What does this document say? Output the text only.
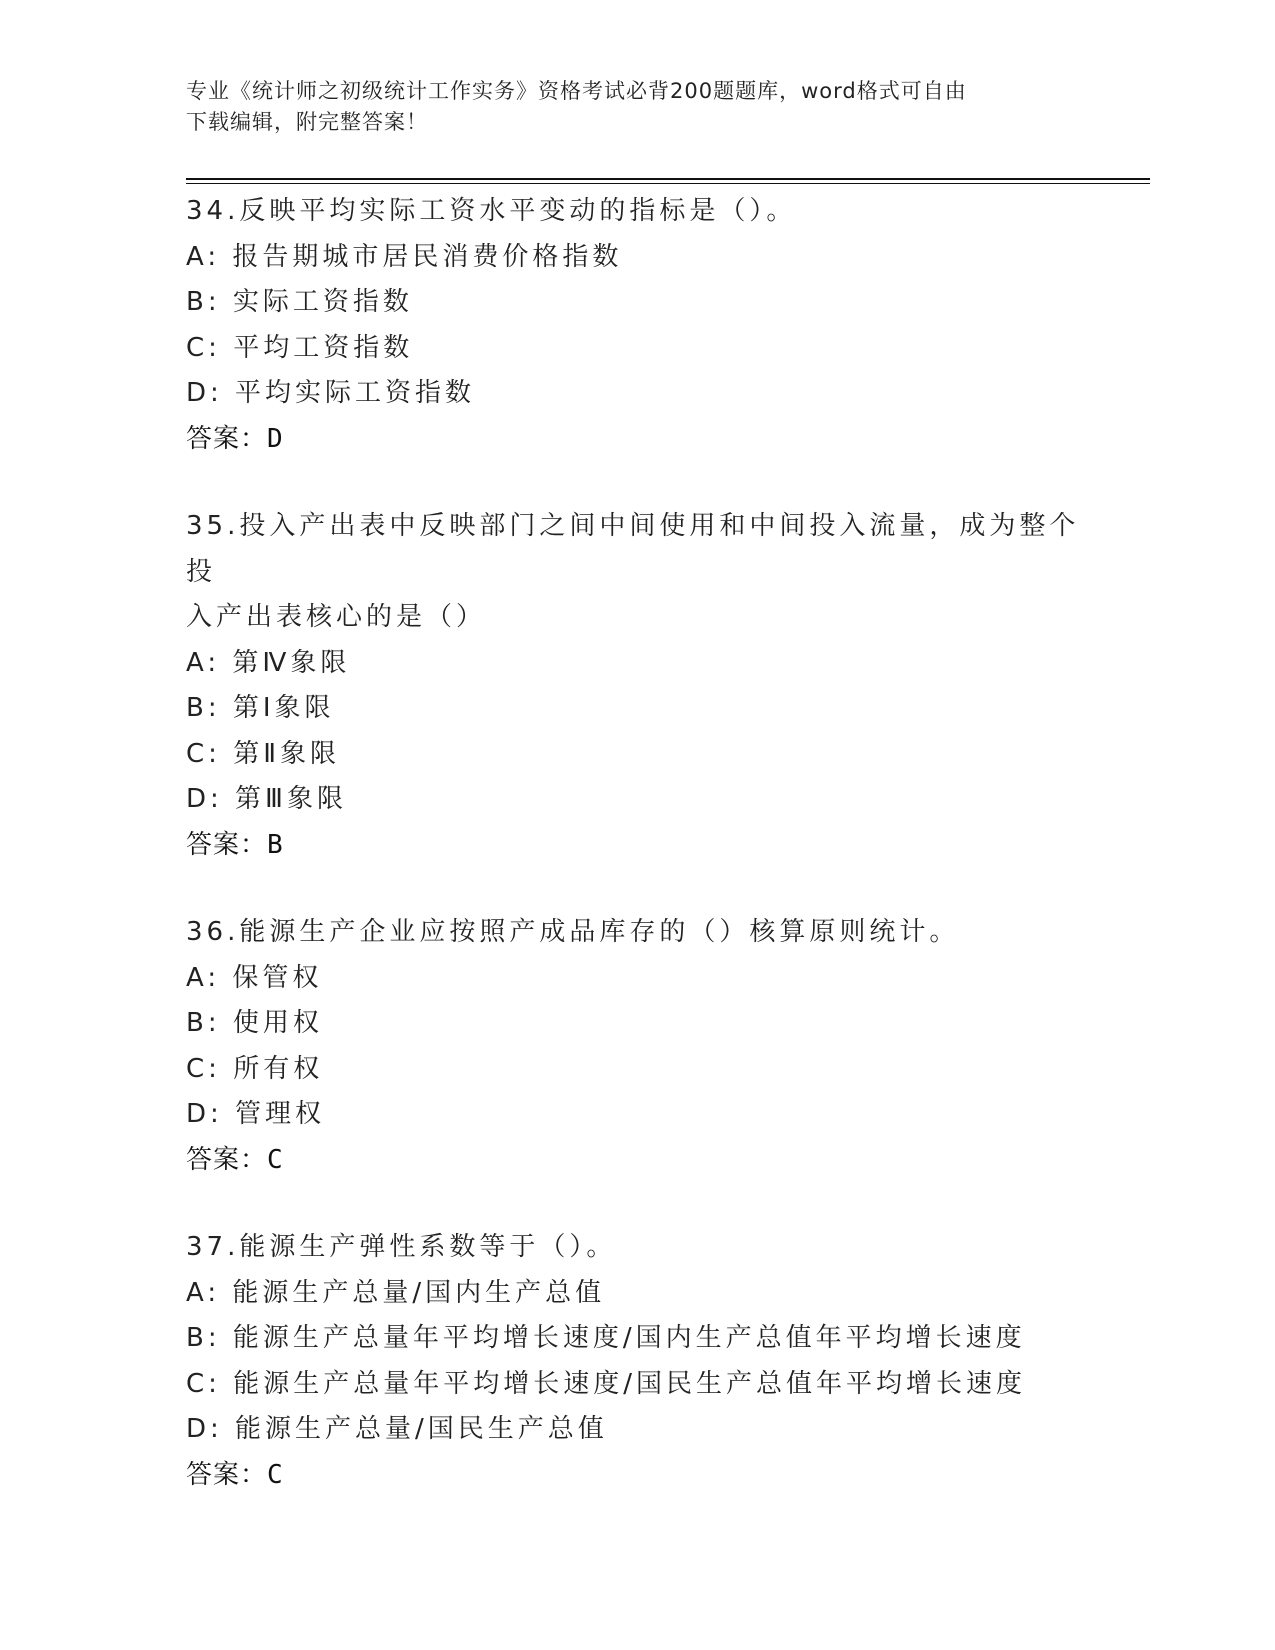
专业《统计师之初级统计工作实务》资格考试必背200题题库，word格式可自由
下载编辑，附完整答案！
34.反映平均实际工资水平变动的指标是（）。
A: 报告期城市居民消费价格指数
B: 实际工资指数
C: 平均工资指数
D: 平均实际工资指数
答案：D
35.投入产出表中反映部门之间中间使用和中间投入流量，成为整个投
入产出表核心的是（）
A: 第Ⅳ象限
B: 第Ⅰ象限
C: 第Ⅱ象限
D: 第Ⅲ象限
答案：B
36.能源生产企业应按照产成品库存的（）核算原则统计。
A: 保管权
B: 使用权
C: 所有权
D: 管理权
答案：C
37.能源生产弹性系数等于（）。
A: 能源生产总量/国内生产总值
B: 能源生产总量年平均增长速度/国内生产总值年平均增长速度
C: 能源生产总量年平均增长速度/国民生产总值年平均增长速度
D: 能源生产总量/国民生产总值
答案：C
